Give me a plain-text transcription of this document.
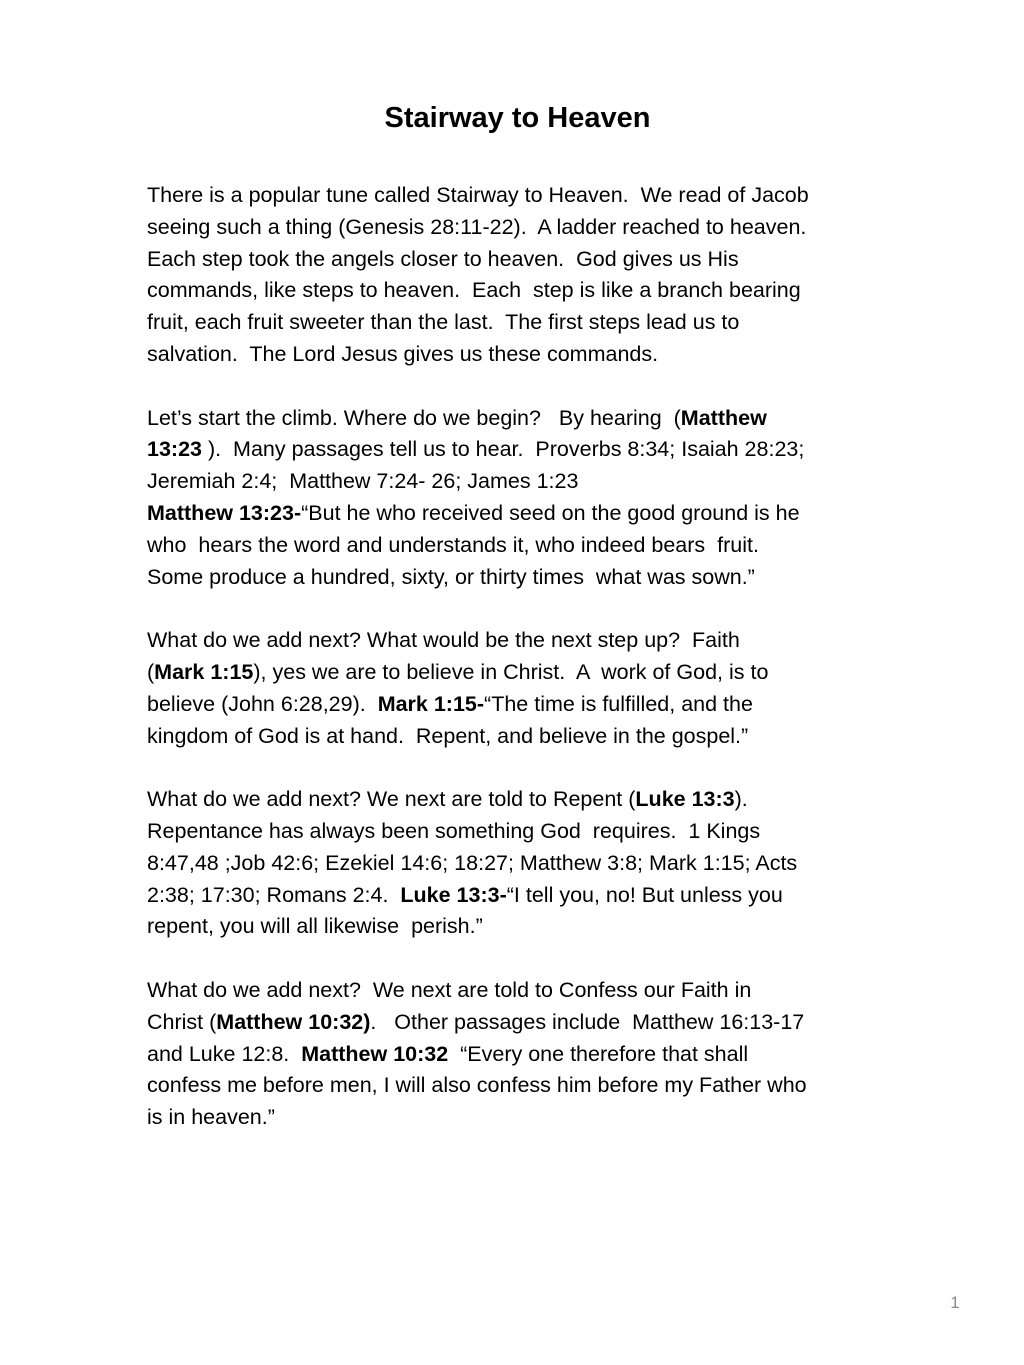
Stairway to Heaven
There is a popular tune called Stairway to Heaven.  We read of Jacob
seeing such a thing (Genesis 28:11-22).  A ladder reached to heaven.
Each step took the angels closer to heaven.  God gives us His
commands, like steps to heaven.  Each  step is like a branch bearing
fruit, each fruit sweeter than the last.  The first steps lead us to
salvation.  The Lord Jesus gives us these commands.
Let’s start the climb. Where do we begin?   By hearing  (Matthew
13:23 ).  Many passages tell us to hear.  Proverbs 8:34; Isaiah 28:23;
Jeremiah 2:4;  Matthew 7:24- 26; James 1:23
Matthew 13:23-“But he who received seed on the good ground is he
who  hears the word and understands it, who indeed bears  fruit.
Some produce a hundred, sixty, or thirty times  what was sown.”
What do we add next? What would be the next step up?  Faith
(Mark 1:15), yes we are to believe in Christ.  A  work of God, is to
believe (John 6:28,29).  Mark 1:15-“The time is fulfilled, and the
kingdom of God is at hand.  Repent, and believe in the gospel.”
What do we add next? We next are told to Repent (Luke 13:3).
Repentance has always been something God  requires.  1 Kings
8:47,48 ;Job 42:6; Ezekiel 14:6; 18:27; Matthew 3:8; Mark 1:15; Acts
2:38; 17:30; Romans 2:4.  Luke 13:3-“I tell you, no! But unless you
repent, you will all likewise  perish.”
What do we add next?  We next are told to Confess our Faith in
Christ (Matthew 10:32).   Other passages include  Matthew 16:13-17
and Luke 12:8.  Matthew 10:32  “Every one therefore that shall
confess me before men, I will also confess him before my Father who
is in heaven.”
1
